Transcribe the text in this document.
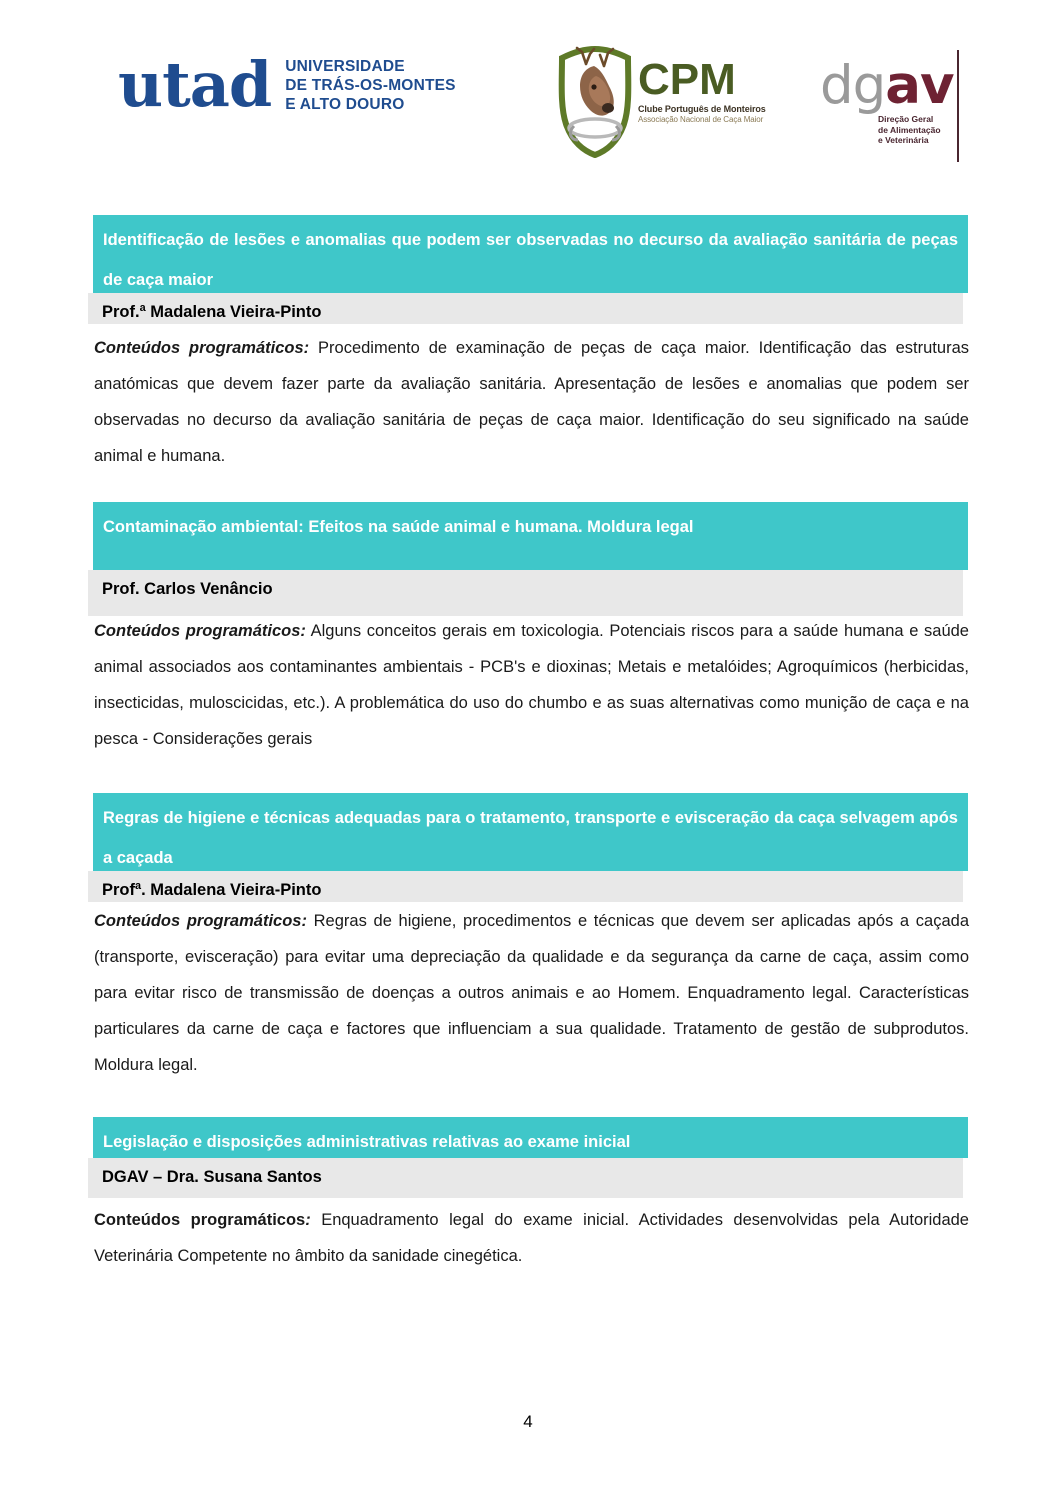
utad UNIVERSIDADE
DE TRÁS-OS-MONTES
E ALTO DOURO	CPM
Clube Português de Monteiros
Associação Nacional de Caça Maior
dgav
Direção Geral
de Alimentação
e Veterinária
Identificação de lesões e anomalias que podem ser observadas no decurso da avaliação sanitária de peças de caça maior
Prof.ª Madalena Vieira-Pinto
Conteúdos programáticos: Procedimento de examinação de peças de caça maior. Identificação das estruturas anatómicas que devem fazer parte da avaliação sanitária. Apresentação de lesões e anomalias que podem ser observadas no decurso da avaliação sanitária de peças de caça maior. Identificação do seu significado na saúde animal e humana.
Contaminação ambiental: Efeitos na saúde animal e humana. Moldura legal
Prof. Carlos Venâncio
Conteúdos programáticos: Alguns conceitos gerais em toxicologia. Potenciais riscos para a saúde humana e saúde animal associados aos contaminantes ambientais - PCB's e dioxinas; Metais e metalóides; Agroquímicos (herbicidas, insecticidas, muloscicidas, etc.). A problemática do uso do chumbo e as suas alternativas como munição de caça e na pesca - Considerações gerais
Regras de higiene e técnicas adequadas para o tratamento, transporte e evisceração da caça selvagem após a caçada
Profª. Madalena Vieira-Pinto
Conteúdos programáticos: Regras de higiene, procedimentos e técnicas que devem ser aplicadas após a caçada (transporte, evisceração) para evitar uma depreciação da qualidade e da segurança da carne de caça, assim como para evitar risco de transmissão de doenças a outros animais e ao Homem. Enquadramento legal. Características particulares da carne de caça e factores que influenciam a sua qualidade. Tratamento de gestão de subprodutos. Moldura legal.
Legislação e disposições administrativas relativas ao exame inicial
DGAV – Dra. Susana Santos
Conteúdos programáticos: Enquadramento legal do exame inicial. Actividades desenvolvidas pela Autoridade Veterinária Competente no âmbito da sanidade cinegética.
4
